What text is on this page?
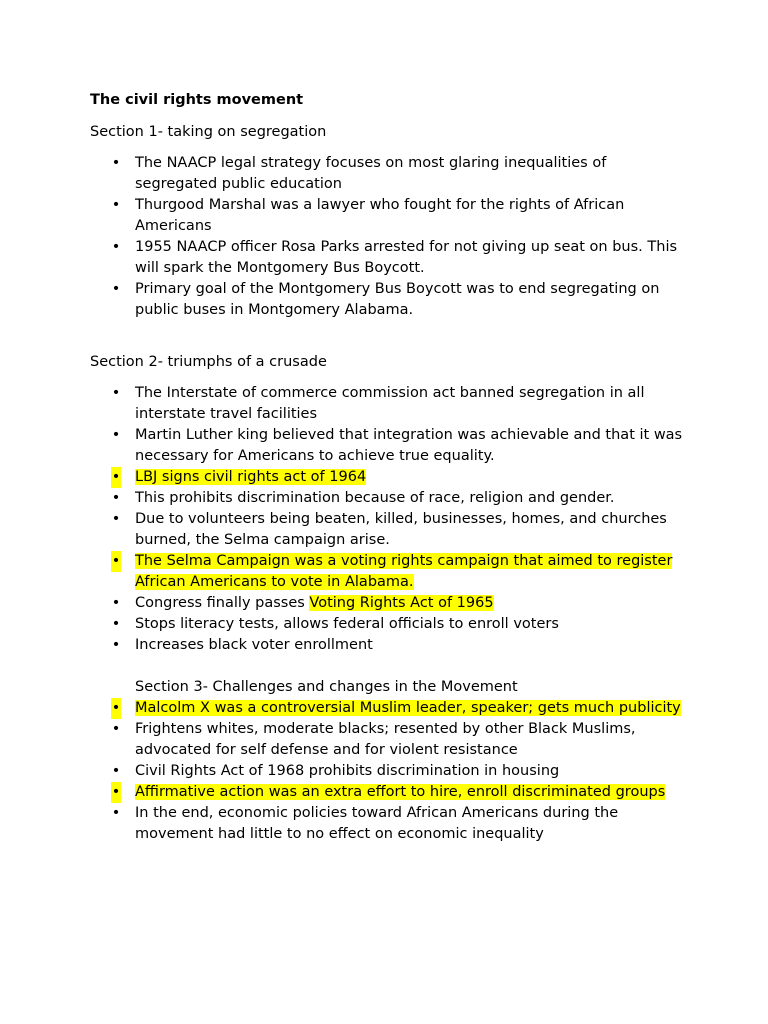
The civil rights movement

Section 1- taking on segregation

• The NAACP legal strategy focuses on most glaring inequalities of segregated public education
• Thurgood Marshal was a lawyer who fought for the rights of African Americans
• 1955 NAACP officer Rosa Parks arrested for not giving up seat on bus. This will spark the Montgomery Bus Boycott.
• Primary goal of the Montgomery Bus Boycott was to end segregating on public buses in Montgomery Alabama.

Section 2- triumphs of a crusade

• The Interstate of commerce commission act banned segregation in all interstate travel facilities
• Martin Luther king believed that integration was achievable and that it was necessary for Americans to achieve true equality.
• LBJ signs civil rights act of 1964
• This prohibits discrimination because of race, religion and gender.
• Due to volunteers being beaten, killed, businesses, homes, and churches burned, the Selma campaign arise.
• The Selma Campaign was a voting rights campaign that aimed to register African Americans to vote in Alabama.
• Congress finally passes Voting Rights Act of 1965
• Stops literacy tests, allows federal officials to enroll voters
• Increases black voter enrollment

Section 3- Challenges and changes in the Movement

• Malcolm X was a controversial Muslim leader, speaker; gets much publicity
• Frightens whites, moderate blacks; resented by other Black Muslims, advocated for self defense and for violent resistance
• Civil Rights Act of 1968 prohibits discrimination in housing
• Affirmative action was an extra effort to hire, enroll discriminated groups
• In the end, economic policies toward African Americans during the movement had little to no effect on economic inequality
